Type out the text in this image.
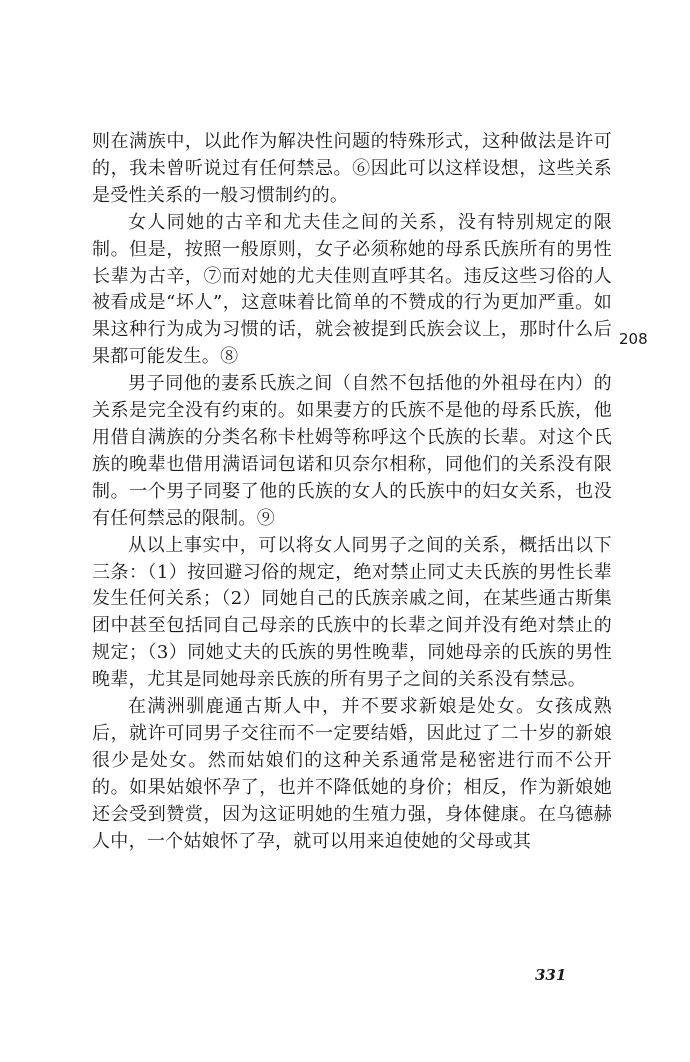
则在满族中，以此作为解决性问题的特殊形式，这种做法是许可的，我未曾听说过有任何禁忌。⑥因此可以这样设想，这些关系是受性关系的一般习惯制约的。

女人同她的古辛和尤夫佳之间的关系，没有特别规定的限制。但是，按照一般原则，女子必须称她的母系氏族所有的男性长辈为古辛，⑦而对她的尤夫佳则直呼其名。违反这些习俗的人被看成是“坏人”，这意味着比简单的不赞成的行为更加严重。如果这种行为成为习惯的话，就会被提到氏族会议上，那时什么后果都可能发生。⑧

男子同他的妻系氏族之间（自然不包括他的外祖母在内）的关系是完全没有约束的。如果妻方的氏族不是他的母系氏族，他用借自满族的分类名称卡杜姆等称呼这个氏族的长辈。对这个氏族的晚辈也借用满语词包诺和贝奈尔相称，同他们的关系没有限制。一个男子同娶了他的氏族的女人的氏族中的妇女关系，也没有任何禁忌的限制。⑨

从以上事实中，可以将女人同男子之间的关系，概括出以下三条：（1）按回避习俗的规定，绝对禁止同丈夫氏族的男性长辈发生任何关系；（2）同她自己的氏族亲戚之间，在某些通古斯集团中甚至包括同自己母亲的氏族中的长辈之间并没有绝对禁止的规定；（3）同她丈夫的氏族的男性晚辈，同她母亲的氏族的男性晚辈，尤其是同她母亲氏族的所有男子之间的关系没有禁忌。

在满洲驯鹿通古斯人中，并不要求新娘是处女。女孩成熟后，就许可同男子交往而不一定要结婚，因此过了二十岁的新娘很少是处女。然而姑娘们的这种关系通常是秘密进行而不公开的。如果姑娘怀孕了，也并不降低她的身价；相反，作为新娘她还会受到赞赏，因为这证明她的生殖力强，身体健康。在乌德赫人中，一个姑娘怀了孕，就可以用来迫使她的父母或其

208
331
